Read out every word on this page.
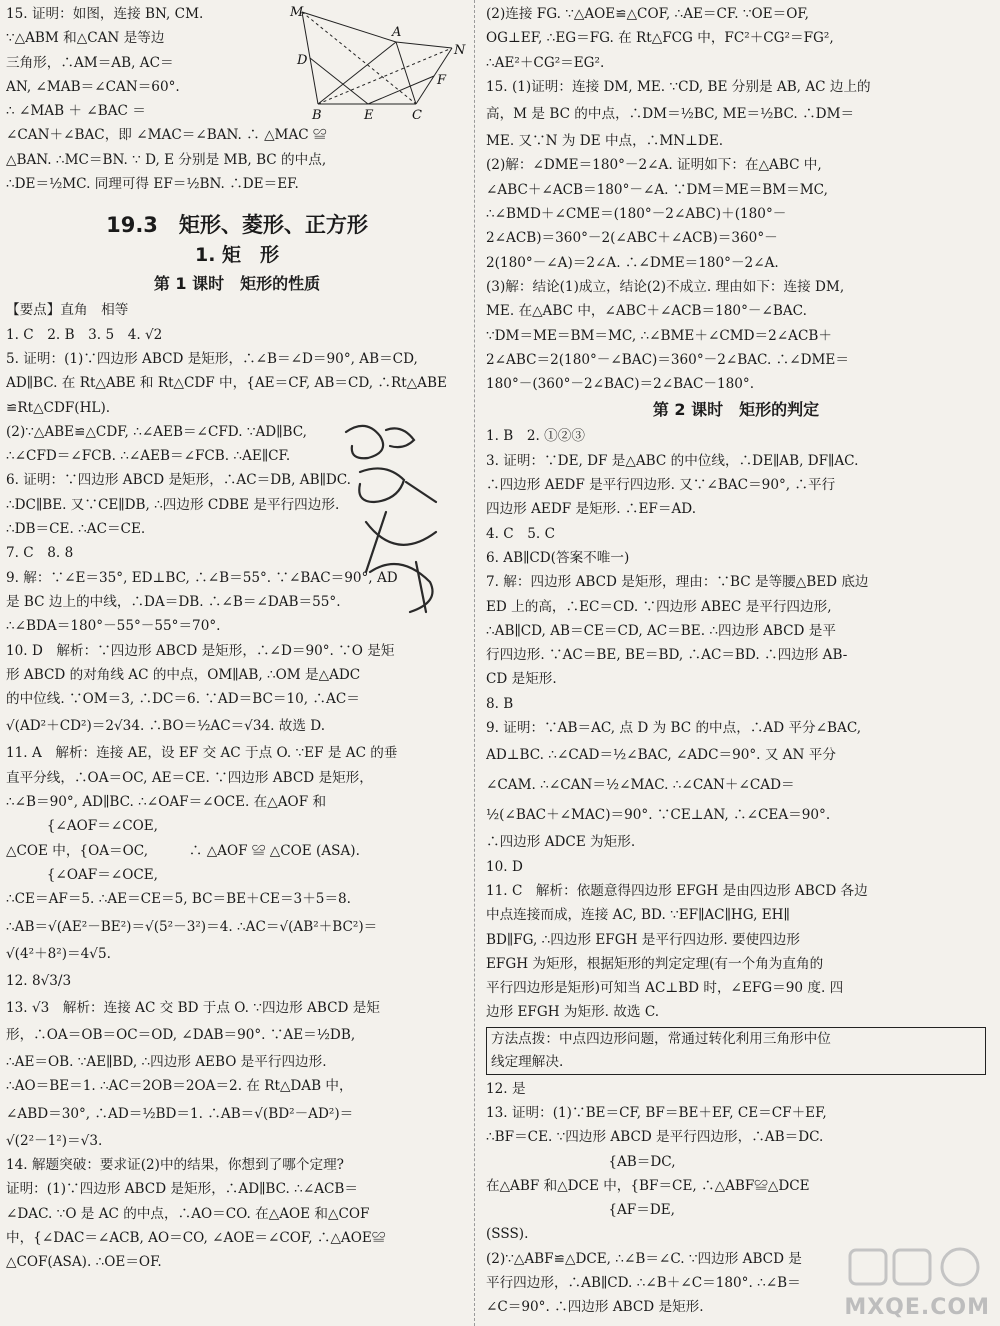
15. 证明：如图，连接 BN, CM.
∵△ABM 和△CAN 是等边
三角形，∴AM＝AB, AC＝
AN, ∠MAB＝∠CAN＝60°.
∴ ∠MAB ＋ ∠BAC ＝
∠CAN＋∠BAC，即 ∠MAC＝∠BAN. ∴ △MAC ≌
△BAN. ∴MC＝BN. ∵ D, E 分别是 MB, BC 的中点,
∴DE＝½MC. 同理可得 EF＝½BN. ∴DE＝EF.
19.3　矩形、菱形、正方形
1. 矩　形
第 1 课时　矩形的性质
【要点】直角　相等
1. C　2. B　3. 5　4. √2
5. 证明：(1)∵四边形 ABCD 是矩形，∴∠B＝∠D＝90°, AB＝CD,
AD∥BC. 在 Rt△ABE 和 Rt△CDF 中，{AE＝CF, AB＝CD, ∴Rt△ABE
≌Rt△CDF(HL).
(2)∵△ABE≌△CDF, ∴∠AEB＝∠CFD. ∵AD∥BC,
∴∠CFD＝∠FCB. ∴∠AEB＝∠FCB. ∴AE∥CF.
6. 证明：∵四边形 ABCD 是矩形，∴AC＝DB, AB∥DC.
∴DC∥BE. 又∵CE∥DB, ∴四边形 CDBE 是平行四边形.
∴DB＝CE. ∴AC＝CE.
7. C　8. 8
9. 解：∵∠E＝35°, ED⊥BC, ∴∠B＝55°. ∵∠BAC＝90°, AD
是 BC 边上的中线，∴DA＝DB. ∴∠B＝∠DAB＝55°.
∴∠BDA＝180°－55°－55°＝70°.
10. D　解析：∵四边形 ABCD 是矩形，∴∠D＝90°. ∵O 是矩
形 ABCD 的对角线 AC 的中点，OM∥AB, ∴OM 是△ADC
的中位线. ∵OM＝3, ∴DC＝6. ∵AD＝BC＝10, ∴AC＝
√(AD²＋CD²)＝2√34. ∴BO＝½AC＝√34. 故选 D.
11. A　解析：连接 AE，设 EF 交 AC 于点 O. ∵EF 是 AC 的垂
直平分线，∴OA＝OC, AE＝CE. ∵四边形 ABCD 是矩形，
∴∠B＝90°, AD∥BC. ∴∠OAF＝∠OCE. 在△AOF 和
　　　{∠AOF＝∠COE,
△COE 中，{OA＝OC,　　　∴ △AOF ≌ △COE (ASA).
　　　{∠OAF＝∠OCE,
∴CE＝AF＝5. ∴AE＝CE＝5, BC＝BE＋CE＝3＋5＝8.
∴AB＝√(AE²－BE²)＝√(5²－3²)＝4. ∴AC＝√(AB²＋BC²)＝
√(4²＋8²)＝4√5.
12. 8√3/3
13. √3　解析：连接 AC 交 BD 于点 O. ∵四边形 ABCD 是矩
形，∴OA＝OB＝OC＝OD, ∠DAB＝90°. ∵AE＝½DB,
∴AE＝OB. ∵AE∥BD, ∴四边形 AEBO 是平行四边形.
∴AO＝BE＝1. ∴AC＝2OB＝2OA＝2. 在 Rt△DAB 中，
∠ABD＝30°, ∴AD＝½BD＝1. ∴AB＝√(BD²－AD²)＝
√(2²－1²)＝√3.
14. 解题突破：要求证(2)中的结果，你想到了哪个定理?
证明：(1)∵四边形 ABCD 是矩形，∴AD∥BC. ∴∠ACB＝
∠DAC. ∵O 是 AC 的中点，∴AO＝CO. 在△AOE 和△COF
中，{∠DAC＝∠ACB, AO＝CO, ∠AOE＝∠COF, ∴△AOE≌
△COF(ASA). ∴OE＝OF.
M
A
N
D
F
B	E	C
(2)连接 FG. ∵△AOE≌△COF, ∴AE＝CF. ∵OE＝OF,
OG⊥EF, ∴EG＝FG. 在 Rt△FCG 中，FC²＋CG²＝FG²,
∴AE²＋CG²＝EG².
15. (1)证明：连接 DM, ME. ∵CD, BE 分别是 AB, AC 边上的
高，M 是 BC 的中点，∴DM＝½BC, ME＝½BC. ∴DM＝
ME. 又∵N 为 DE 中点，∴MN⊥DE.
(2)解：∠DME＝180°－2∠A. 证明如下：在△ABC 中,
∠ABC＋∠ACB＝180°－∠A. ∵DM＝ME＝BM＝MC,
∴∠BMD＋∠CME＝(180°－2∠ABC)＋(180°－
2∠ACB)＝360°－2(∠ABC＋∠ACB)＝360°－
2(180°－∠A)＝2∠A. ∴∠DME＝180°－2∠A.
(3)解：结论(1)成立，结论(2)不成立. 理由如下：连接 DM,
ME. 在△ABC 中，∠ABC＋∠ACB＝180°－∠BAC.
∵DM＝ME＝BM＝MC, ∴∠BME＋∠CMD＝2∠ACB＋
2∠ABC＝2(180°－∠BAC)＝360°－2∠BAC. ∴∠DME＝
180°－(360°－2∠BAC)＝2∠BAC－180°.
第 2 课时　矩形的判定
1. B　2. ①②③
3. 证明：∵DE, DF 是△ABC 的中位线，∴DE∥AB, DF∥AC.
∴四边形 AEDF 是平行四边形. 又∵∠BAC＝90°, ∴平行
四边形 AEDF 是矩形. ∴EF＝AD.
4. C　5. C
6. AB∥CD(答案不唯一)
7. 解：四边形 ABCD 是矩形，理由：∵BC 是等腰△BED 底边
ED 上的高，∴EC＝CD. ∵四边形 ABEC 是平行四边形,
∴AB∥CD, AB＝CE＝CD, AC＝BE. ∴四边形 ABCD 是平
行四边形. ∵AC＝BE, BE＝BD, ∴AC＝BD. ∴四边形 AB-
CD 是矩形.
8. B
9. 证明：∵AB＝AC, 点 D 为 BC 的中点，∴AD 平分∠BAC,
AD⊥BC. ∴∠CAD＝½∠BAC, ∠ADC＝90°. 又 AN 平分
∠CAM. ∴∠CAN＝½∠MAC. ∴∠CAN＋∠CAD＝
½(∠BAC＋∠MAC)＝90°. ∵CE⊥AN, ∴∠CEA＝90°.
∴四边形 ADCE 为矩形.
10. D
11. C　解析：依题意得四边形 EFGH 是由四边形 ABCD 各边
中点连接而成，连接 AC, BD. ∵EF∥AC∥HG, EH∥
BD∥FG, ∴四边形 EFGH 是平行四边形. 要使四边形
EFGH 为矩形，根据矩形的判定定理(有一个角为直角的
平行四边形是矩形)可知当 AC⊥BD 时，∠EFG＝90 度. 四
边形 EFGH 为矩形. 故选 C.
方法点拨：中点四边形问题，常通过转化利用三角形中位
线定理解决.
12. 是
13. 证明：(1)∵BE＝CF, BF＝BE＋EF, CE＝CF＋EF,
∴BF＝CE. ∵四边形 ABCD 是平行四边形，∴AB＝DC.
　　　　　　　　　{AB＝DC,
在△ABF 和△DCE 中，{BF＝CE, ∴△ABF≌△DCE
　　　　　　　　　{AF＝DE,
(SSS).
(2)∵△ABF≌△DCE, ∴∠B＝∠C. ∵四边形 ABCD 是
平行四边形，∴AB∥CD. ∴∠B＋∠C＝180°. ∴∠B＝
∠C＝90°. ∴四边形 ABCD 是矩形.	MXQE.COM
